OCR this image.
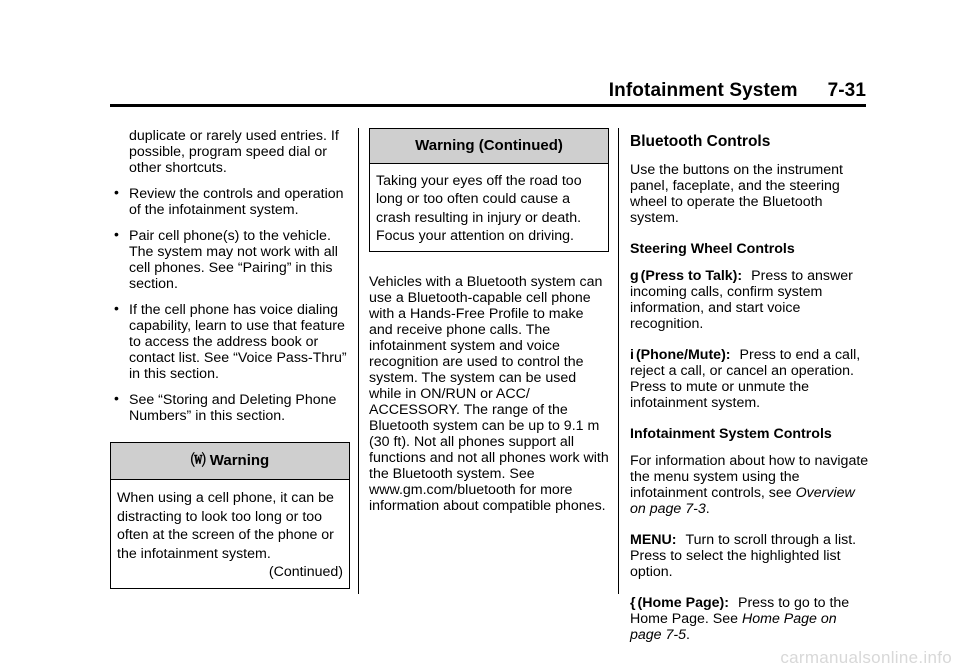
Infotainment System 7-31

duplicate or rarely used entries. If possible, program speed dial or other shortcuts.

• Review the controls and operation of the infotainment system.
• Pair cell phone(s) to the vehicle. The system may not work with all cell phones. See “Pairing” in this section.
• If the cell phone has voice dialing capability, learn to use that feature to access the address book or contact list. See “Voice Pass-Thru” in this section.
• See “Storing and Deleting Phone Numbers” in this section.
⒲ Warning

When using a cell phone, it can be distracting to look too long or too often at the screen of the phone or the infotainment system.

(Continued)

Warning (Continued)
Taking your eyes off the road too long or too often could cause a crash resulting in injury or death. Focus your attention on driving.

Vehicles with a Bluetooth system can use a Bluetooth-capable cell phone with a Hands-Free Profile to make and receive phone calls. The infotainment system and voice recognition are used to control the system. The system can be used while in ON/RUN or ACC/ ACCESSORY. The range of the Bluetooth system can be up to 9.1 m (30 ft). Not all phones support all functions and not all phones work with the Bluetooth system. See www.gm.com/bluetooth for more information about compatible phones.

Bluetooth Controls

Use the buttons on the instrument panel, faceplate, and the steering wheel to operate the Bluetooth system.

Steering Wheel Controls

g (Press to Talk): Press to answer incoming calls, confirm system information, and start voice recognition.

i (Phone/Mute): Press to end a call, reject a call, or cancel an operation. Press to mute or unmute the infotainment system.

Infotainment System Controls

For information about how to navigate the menu system using the infotainment controls, see Overview on page 7-3.

MENU: Turn to scroll through a list. Press to select the highlighted list option.

{ (Home Page): Press to go to the Home Page. See Home Page on page 7-5.

carmanualsonline.info
